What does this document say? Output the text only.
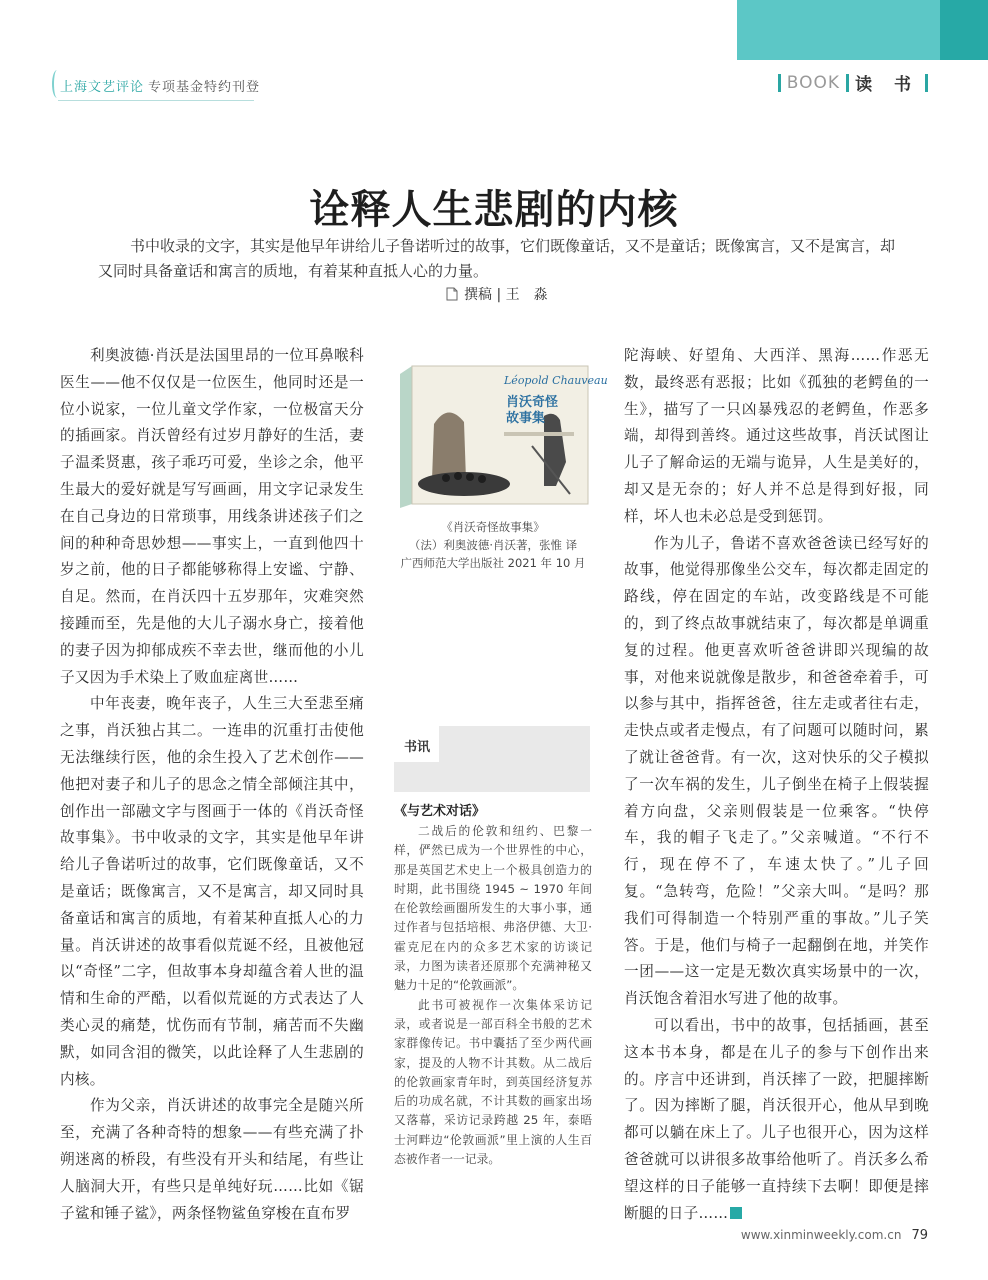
上海文艺评论 专项基金特约刊登	BOOK 读 书
诠释人生悲剧的内核

书中收录的文字，其实是他早年讲给儿子鲁诺听过的故事，它们既像童话，又不是童话；既像寓言，又不是寓言，却又同时具备童话和寓言的质地，有着某种直抵人心的力量。

撰稿 | 王　淼

利奥波德·肖沃是法国里昂的一位耳鼻喉科医生——他不仅仅是一位医生，他同时还是一位小说家，一位儿童文学作家，一位极富天分的插画家。肖沃曾经有过岁月静好的生活，妻子温柔贤惠，孩子乖巧可爱，坐诊之余，他平生最大的爱好就是写写画画，用文字记录发生在自己身边的日常琐事，用线条讲述孩子们之间的种种奇思妙想——事实上，一直到他四十岁之前，他的日子都能够称得上安谧、宁静、自足。然而，在肖沃四十五岁那年，灾难突然接踵而至，先是他的大儿子溺水身亡，接着他的妻子因为抑郁成疾不幸去世，继而他的小儿子又因为手术染上了败血症离世……

中年丧妻，晚年丧子，人生三大至悲至痛之事，肖沃独占其二。一连串的沉重打击使他无法继续行医，他的余生投入了艺术创作——他把对妻子和儿子的思念之情全部倾注其中，创作出一部融文字与图画于一体的《肖沃奇怪故事集》。书中收录的文字，其实是他早年讲给儿子鲁诺听过的故事，它们既像童话，又不是童话；既像寓言，又不是寓言，却又同时具备童话和寓言的质地，有着某种直抵人心的力量。肖沃讲述的故事看似荒诞不经，且被他冠以“奇怪”二字，但故事本身却蕴含着人世的温情和生命的严酷，以看似荒诞的方式表达了人类心灵的痛楚，忧伤而有节制，痛苦而不失幽默，如同含泪的微笑，以此诠释了人生悲剧的内核。

作为父亲，肖沃讲述的故事完全是随兴所至，充满了各种奇特的想象——有些充满了扑朔迷离的桥段，有些没有开头和结尾，有些让人脑洞大开，有些只是单纯好玩……比如《锯子鲨和锤子鲨》，两条怪物鲨鱼穿梭在直布罗

Léopold Chauveau
肖沃奇怪
故事集
《肖沃奇怪故事集》
（法）利奥波德·肖沃著，张惟 译
广西师范大学出版社 2021 年 10 月
书讯
《与艺术对话》

二战后的伦敦和纽约、巴黎一样，俨然已成为一个世界性的中心，那是英国艺术史上一个极具创造力的时期，此书围绕 1945 ~ 1970 年间在伦敦绘画圈所发生的大事小事，通过作者与包括培根、弗洛伊德、大卫·霍克尼在内的众多艺术家的访谈记录，力图为读者还原那个充满神秘又魅力十足的“伦敦画派”。

此书可被视作一次集体采访记录，或者说是一部百科全书般的艺术家群像传记。书中囊括了至少两代画家，提及的人物不计其数。从二战后的伦敦画家青年时，到英国经济复苏后的功成名就，不计其数的画家出场又落幕，采访记录跨越 25 年，泰晤士河畔边“伦敦画派”里上演的人生百态被作者一一记录。

陀海峡、好望角、大西洋、黑海……作恶无数，最终恶有恶报；比如《孤独的老鳄鱼的一生》，描写了一只凶暴残忍的老鳄鱼，作恶多端，却得到善终。通过这些故事，肖沃试图让儿子了解命运的无端与诡异，人生是美好的，却又是无奈的；好人并不总是得到好报，同样，坏人也未必总是受到惩罚。

作为儿子，鲁诺不喜欢爸爸读已经写好的故事，他觉得那像坐公交车，每次都走固定的路线，停在固定的车站，改变路线是不可能的，到了终点故事就结束了，每次都是单调重复的过程。他更喜欢听爸爸讲即兴现编的故事，对他来说就像是散步，和爸爸牵着手，可以参与其中，指挥爸爸，往左走或者往右走，走快点或者走慢点，有了问题可以随时问，累了就让爸爸背。有一次，这对快乐的父子模拟了一次车祸的发生，儿子倒坐在椅子上假装握着方向盘，父亲则假装是一位乘客。“快停车，我的帽子飞走了。”父亲喊道。“不行不行，现在停不了，车速太快了。”儿子回复。“急转弯，危险！”父亲大叫。“是吗？那我们可得制造一个特别严重的事故。”儿子笑答。于是，他们与椅子一起翻倒在地，并笑作一团——这一定是无数次真实场景中的一次，肖沃饱含着泪水写进了他的故事。

可以看出，书中的故事，包括插画，甚至这本书本身，都是在儿子的参与下创作出来的。序言中还讲到，肖沃摔了一跤，把腿摔断了。因为摔断了腿，肖沃很开心，他从早到晚都可以躺在床上了。儿子也很开心，因为这样爸爸就可以讲很多故事给他听了。肖沃多么希望这样的日子能够一直持续下去啊！即便是摔断腿的日子……

www.xinminweekly.com.cn 79
